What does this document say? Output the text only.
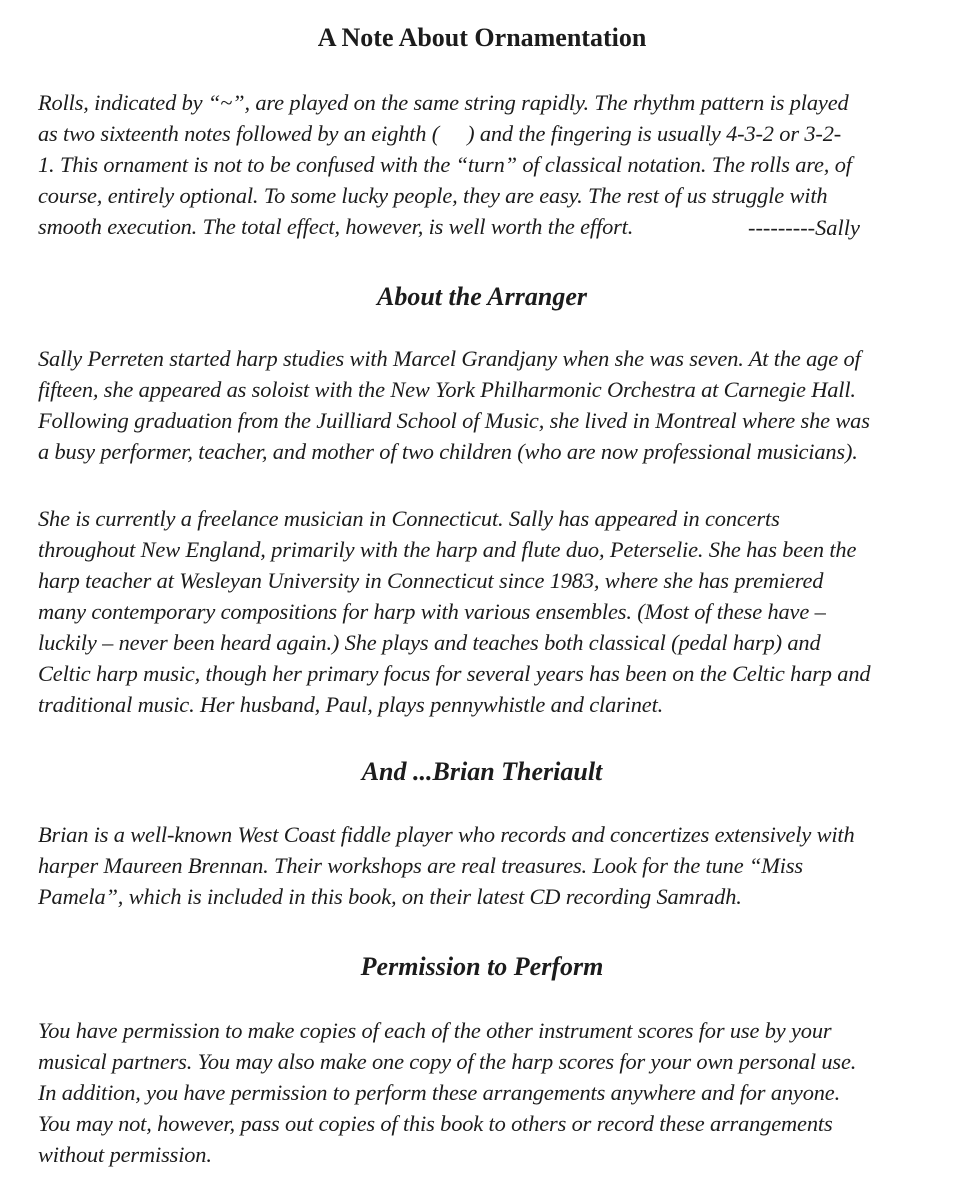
A Note About Ornamentation
Rolls, indicated by “~”, are played on the same string rapidly. The rhythm pattern is played
as two sixteenth notes followed by an eighth ( ) and the fingering is usually 4-3-2 or 3-2-
1. This ornament is not to be confused with the “turn” of classical notation. The rolls are, of
course, entirely optional. To some lucky people, they are easy. The rest of us struggle with
smooth execution. The total effect, however, is well worth the effort.	---------Sally
About the Arranger
Sally Perreten started harp studies with Marcel Grandjany when she was seven. At the age of
fifteen, she appeared as soloist with the New York Philharmonic Orchestra at Carnegie Hall.
Following graduation from the Juilliard School of Music, she lived in Montreal where she was
a busy performer, teacher, and mother of two children (who are now professional musicians).
She is currently a freelance musician in Connecticut. Sally has appeared in concerts
throughout New England, primarily with the harp and flute duo, Peterselie. She has been the
harp teacher at Wesleyan University in Connecticut since 1983, where she has premiered
many contemporary compositions for harp with various ensembles. (Most of these have –
luckily – never been heard again.) She plays and teaches both classical (pedal harp) and
Celtic harp music, though her primary focus for several years has been on the Celtic harp and
traditional music. Her husband, Paul, plays pennywhistle and clarinet.
And ...Brian Theriault
Brian is a well-known West Coast fiddle player who records and concertizes extensively with
harper Maureen Brennan. Their workshops are real treasures. Look for the tune “Miss
Pamela”, which is included in this book, on their latest CD recording Samradh.
Permission to Perform
You have permission to make copies of each of the other instrument scores for use by your
musical partners. You may also make one copy of the harp scores for your own personal use.
In addition, you have permission to perform these arrangements anywhere and for anyone.
You may not, however, pass out copies of this book to others or record these arrangements
without permission.
